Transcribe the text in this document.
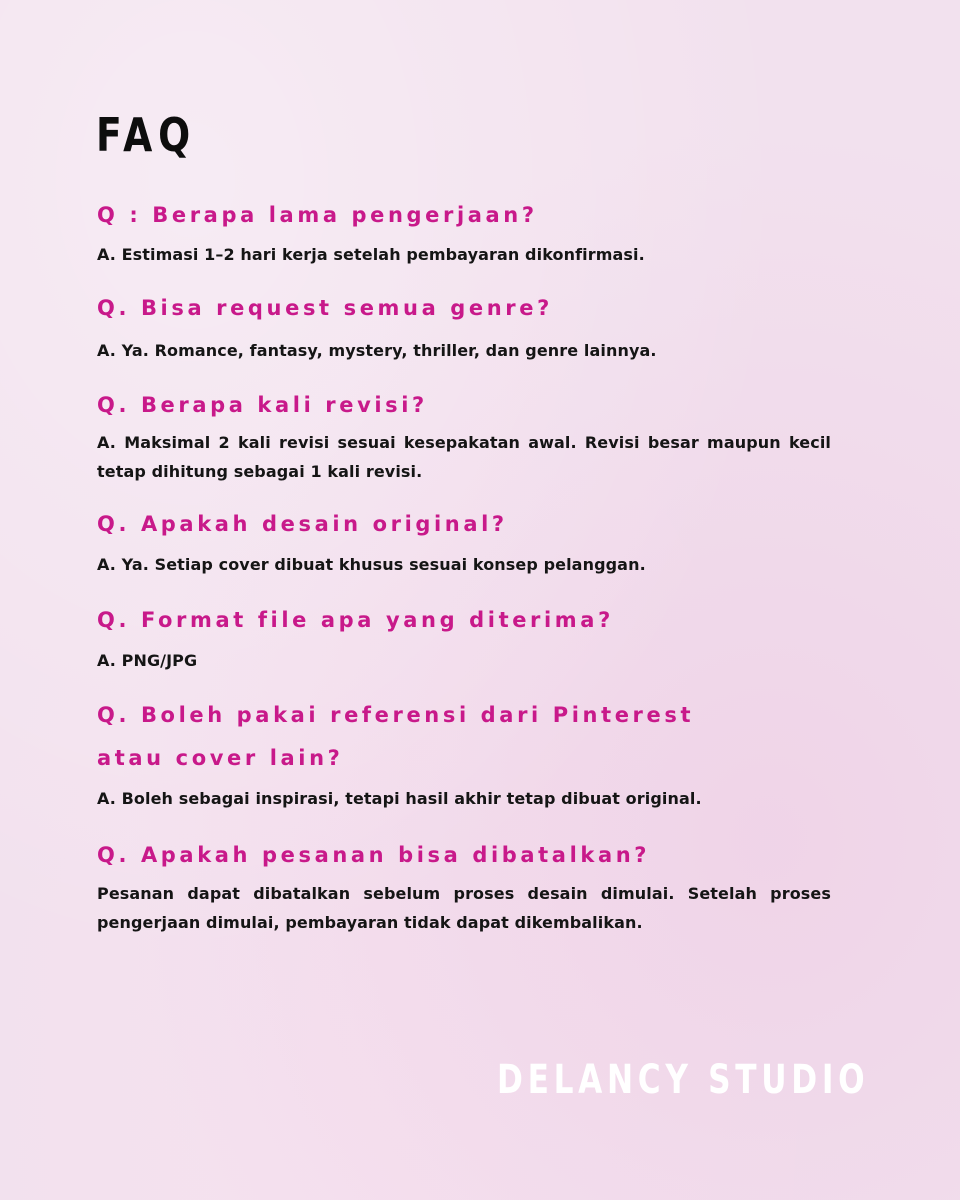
FAQ
Q : Berapa lama pengerjaan?

A. Estimasi 1–2 hari kerja setelah pembayaran dikonfirmasi.

Q. Bisa request semua genre?

A. Ya. Romance, fantasy, mystery, thriller, dan genre lainnya.

Q. Berapa kali revisi?

A. Maksimal 2 kali revisi sesuai kesepakatan awal. Revisi besar maupun kecil tetap dihitung sebagai 1 kali revisi.

Q. Apakah desain original?

A. Ya. Setiap cover dibuat khusus sesuai konsep pelanggan.

Q. Format file apa yang diterima?

A. PNG/JPG

Q. Boleh pakai referensi dari Pinterest
atau cover lain?

A. Boleh sebagai inspirasi, tetapi hasil akhir tetap dibuat original.

Q. Apakah pesanan bisa dibatalkan?

Pesanan dapat dibatalkan sebelum proses desain dimulai. Setelah proses pengerjaan dimulai, pembayaran tidak dapat dikembalikan.

DELANCY STUDIO
